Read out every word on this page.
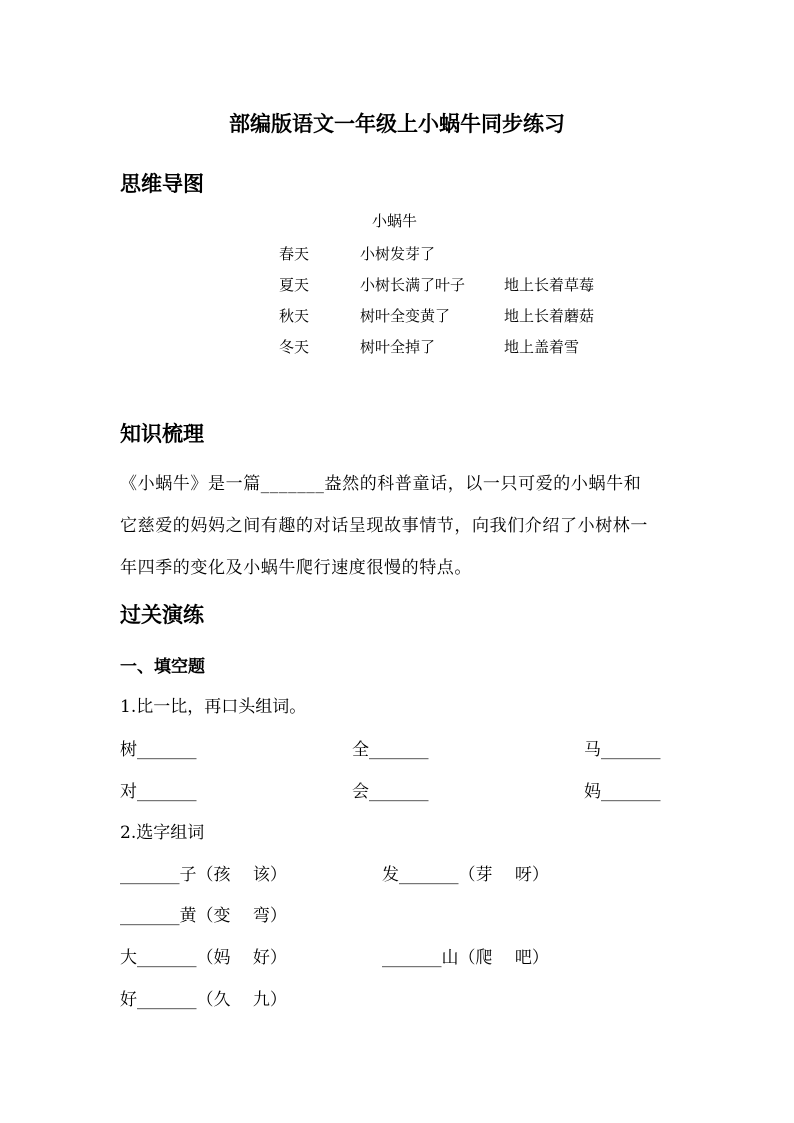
部编版语文一年级上小蜗牛同步练习
思维导图
小蜗牛
春天	小树发芽了
夏天	小树长满了叶子	地上长着草莓
秋天	树叶全变黄了	地上长着蘑菇
冬天	树叶全掉了	地上盖着雪
知识梳理
《小蜗牛》是一篇_______盎然的科普童话，以一只可爱的小蜗牛和
它慈爱的妈妈之间有趣的对话呈现故事情节，向我们介绍了小树林一
年四季的变化及小蜗牛爬行速度很慢的特点。
过关演练
一、填空题
1.比一比，再口头组词。
树_______	全_______	马_______
对_______	会_______	妈_______
2.选字组词
_______子（孩　 该）	发_______（芽　 呀）
_______黄（变　 弯）
大_______（妈　 好）	_______山（爬　 吧）
好_______（久　 九）
